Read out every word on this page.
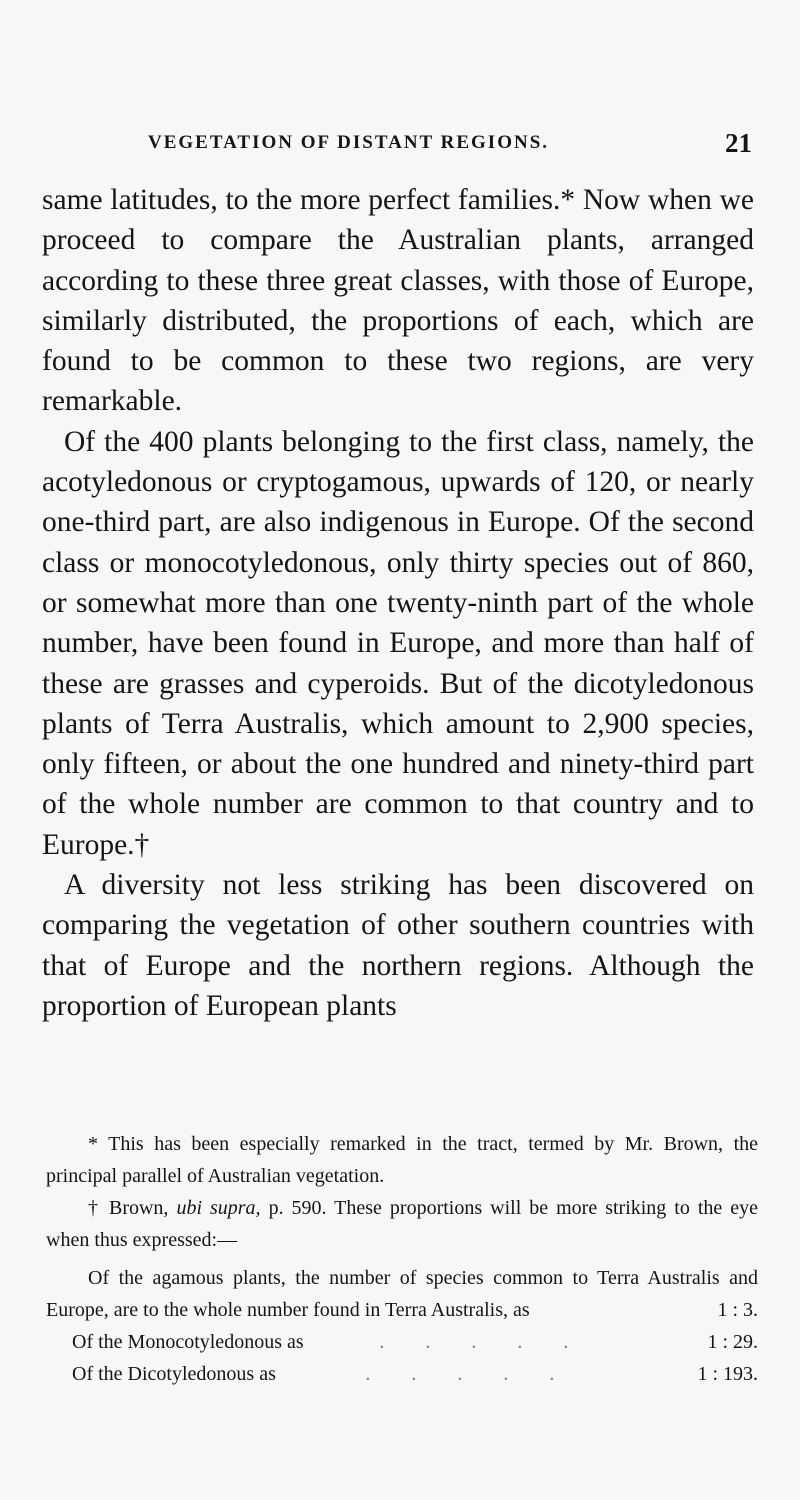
VEGETATION OF DISTANT REGIONS.	21

same latitudes, to the more perfect families.* Now when we proceed to compare the Australian plants, arranged according to these three great classes, with those of Europe, similarly distributed, the proportions of each, which are found to be common to these two regions, are very remarkable.

Of the 400 plants belonging to the first class, namely, the acotyledonous or cryptogamous, upwards of 120, or nearly one-third part, are also indigenous in Europe. Of the second class or monocotyledonous, only thirty species out of 860, or somewhat more than one twenty-ninth part of the whole number, have been found in Europe, and more than half of these are grasses and cyperoids. But of the dicotyledonous plants of Terra Australis, which amount to 2,900 species, only fifteen, or about the one hundred and ninety-third part of the whole number are common to that country and to Europe.†

A diversity not less striking has been discovered on comparing the vegetation of other southern countries with that of Europe and the northern regions. Although the proportion of European plants

* This has been especially remarked in the tract, termed by Mr. Brown, the principal parallel of Australian vegetation.

† Brown, ubi supra, p. 590. These proportions will be more striking to the eye when thus expressed:—

Of the agamous plants, the number of species common to Terra Australis and Europe, are to the whole number found in Terra Australis, as	1 : 3.

Of the Monocotyledonous as	. . . . .	1 : 29.
Of the Dicotyledonous as	. . . . .	1 : 193.
